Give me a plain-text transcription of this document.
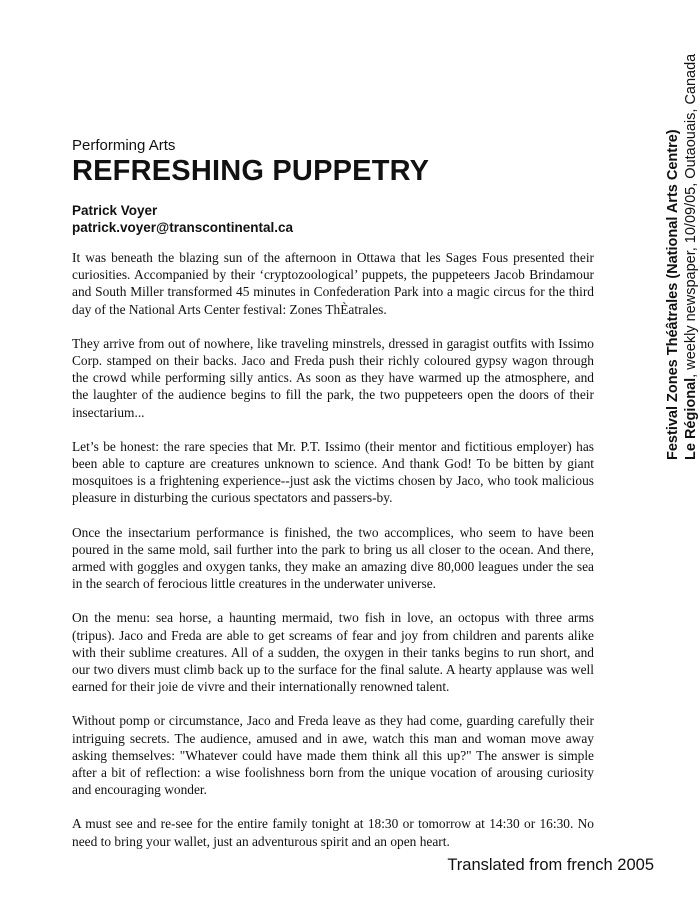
Performing Arts
REFRESHING PUPPETRY
Patrick Voyer
patrick.voyer@transcontinental.ca

It was beneath the blazing sun of the afternoon in Ottawa that les Sages Fous presented their curiosities. Accompanied by their ‘cryptozoological’ puppets, the puppeteers Jacob Brindamour and South Miller transformed 45 minutes in Confederation Park into a magic circus for the third day of the National Arts Center festival: Zones ThÈatrales.

They arrive from out of nowhere, like traveling minstrels, dressed in garagist outfits with Issimo Corp. stamped on their backs. Jaco and Freda push their richly coloured gypsy wagon through the crowd while performing silly antics. As soon as they have warmed up the atmosphere, and the laughter of the audience begins to fill the park, the two puppeteers open the doors of their insectarium...

Let’s be honest: the rare species that Mr. P.T. Issimo (their mentor and fictitious employer) has been able to capture are creatures unknown to science. And thank God! To be bitten by giant mosquitoes is a frightening experience--just ask the victims chosen by Jaco, who took malicious pleasure in disturbing the curious spectators and passers-by.

Once the insectarium performance is finished, the two accomplices, who seem to have been poured in the same mold, sail further into the park to bring us all closer to the ocean. And there, armed with goggles and oxygen tanks, they make an amazing dive 80,000 leagues under the sea in the search of ferocious little creatures in the underwater universe.

On the menu: sea horse, a haunting mermaid, two fish in love, an octopus with three arms (tripus). Jaco and Freda are able to get screams of fear and joy from children and parents alike with their sublime creatures. All of a sudden, the oxygen in their tanks begins to run short, and our two divers must climb back up to the surface for the final salute. A hearty applause was well earned for their joie de vivre and their internationally renowned talent.

Without pomp or circumstance, Jaco and Freda leave as they had come, guarding carefully their intriguing secrets. The audience, amused and in awe, watch this man and woman move away asking themselves: "Whatever could have made them think all this up?" The answer is simple after a bit of reflection: a wise foolishness born from the unique vocation of arousing curiosity and encouraging wonder.

A must see and re-see for the entire family tonight at 18:30 or tomorrow at 14:30 or 16:30. No need to bring your wallet, just an adventurous spirit and an open heart.

Festival Zones Théâtrales (National Arts Centre) Le Régional, weekly newspaper, 10/09/05, Outaouais, Canada
Translated from french 2005
